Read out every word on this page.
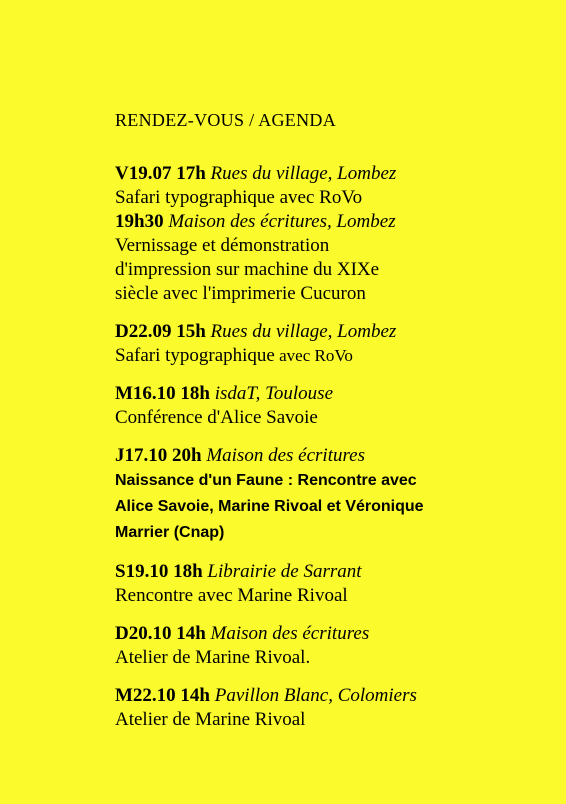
RENDEZ-VOUS / AGENDA
V19.07 17h Rues du village, Lombez
Safari typographique avec RoVo
19h30 Maison des écritures, Lombez
Vernissage et démonstration
d'impression sur machine du XIXe
siècle avec l'imprimerie Cucuron
D22.09 15h Rues du village, Lombez
Safari typographique avec RoVo
M16.10 18h isdaT, Toulouse
Conférence d'Alice Savoie
J17.10 20h Maison des écritures
Naissance d'un Faune : Rencontre avec
Alice Savoie, Marine Rivoal et Véronique
Marrier (Cnap)
S19.10 18h Librairie de Sarrant
Rencontre avec Marine Rivoal
D20.10 14h Maison des écritures
Atelier de Marine Rivoal.
M22.10 14h Pavillon Blanc, Colomiers
Atelier de Marine Rivoal
